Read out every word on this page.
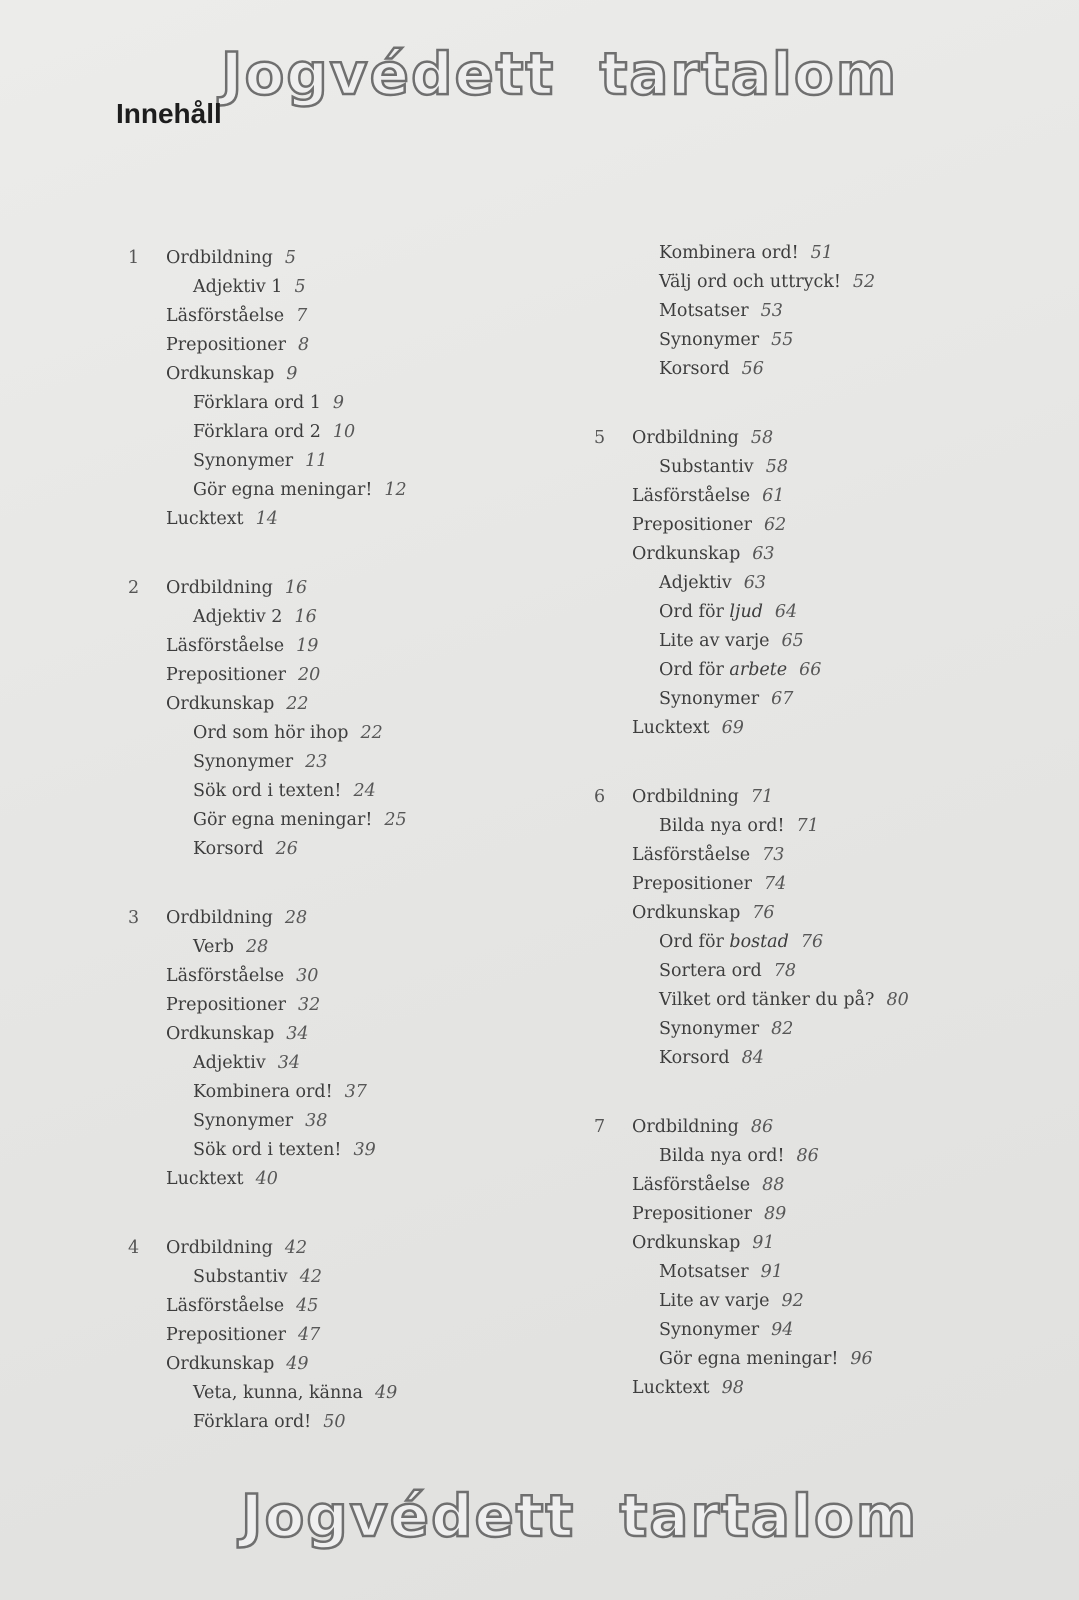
Jogvédett  tartalom
Innehåll
1	Ordbildning 5
Adjektiv 1 5
Läsförståelse 7
Prepositioner 8
Ordkunskap 9
Förklara ord 1 9
Förklara ord 2 10
Synonymer 11
Gör egna meningar! 12
Lucktext 14
2	Ordbildning 16
Adjektiv 2 16
Läsförståelse 19
Prepositioner 20
Ordkunskap 22
Ord som hör ihop 22
Synonymer 23
Sök ord i texten! 24
Gör egna meningar! 25
Korsord 26
3	Ordbildning 28
Verb 28
Läsförståelse 30
Prepositioner 32
Ordkunskap 34
Adjektiv 34
Kombinera ord! 37
Synonymer 38
Sök ord i texten! 39
Lucktext 40
4	Ordbildning 42
Substantiv 42
Läsförståelse 45
Prepositioner 47
Ordkunskap 49
Veta, kunna, känna 49
Förklara ord! 50
Kombinera ord! 51
Välj ord och uttryck! 52
Motsatser 53
Synonymer 55
Korsord 56
5	Ordbildning 58
Substantiv 58
Läsförståelse 61
Prepositioner 62
Ordkunskap 63
Adjektiv 63
Ord för ljud 64
Lite av varje 65
Ord för arbete 66
Synonymer 67
Lucktext 69
6	Ordbildning 71
Bilda nya ord! 71
Läsförståelse 73
Prepositioner 74
Ordkunskap 76
Ord för bostad 76
Sortera ord 78
Vilket ord tänker du på? 80
Synonymer 82
Korsord 84
7	Ordbildning 86
Bilda nya ord! 86
Läsförståelse 88
Prepositioner 89
Ordkunskap 91
Motsatser 91
Lite av varje 92
Synonymer 94
Gör egna meningar! 96
Lucktext 98
Jogvédett  tartalom
